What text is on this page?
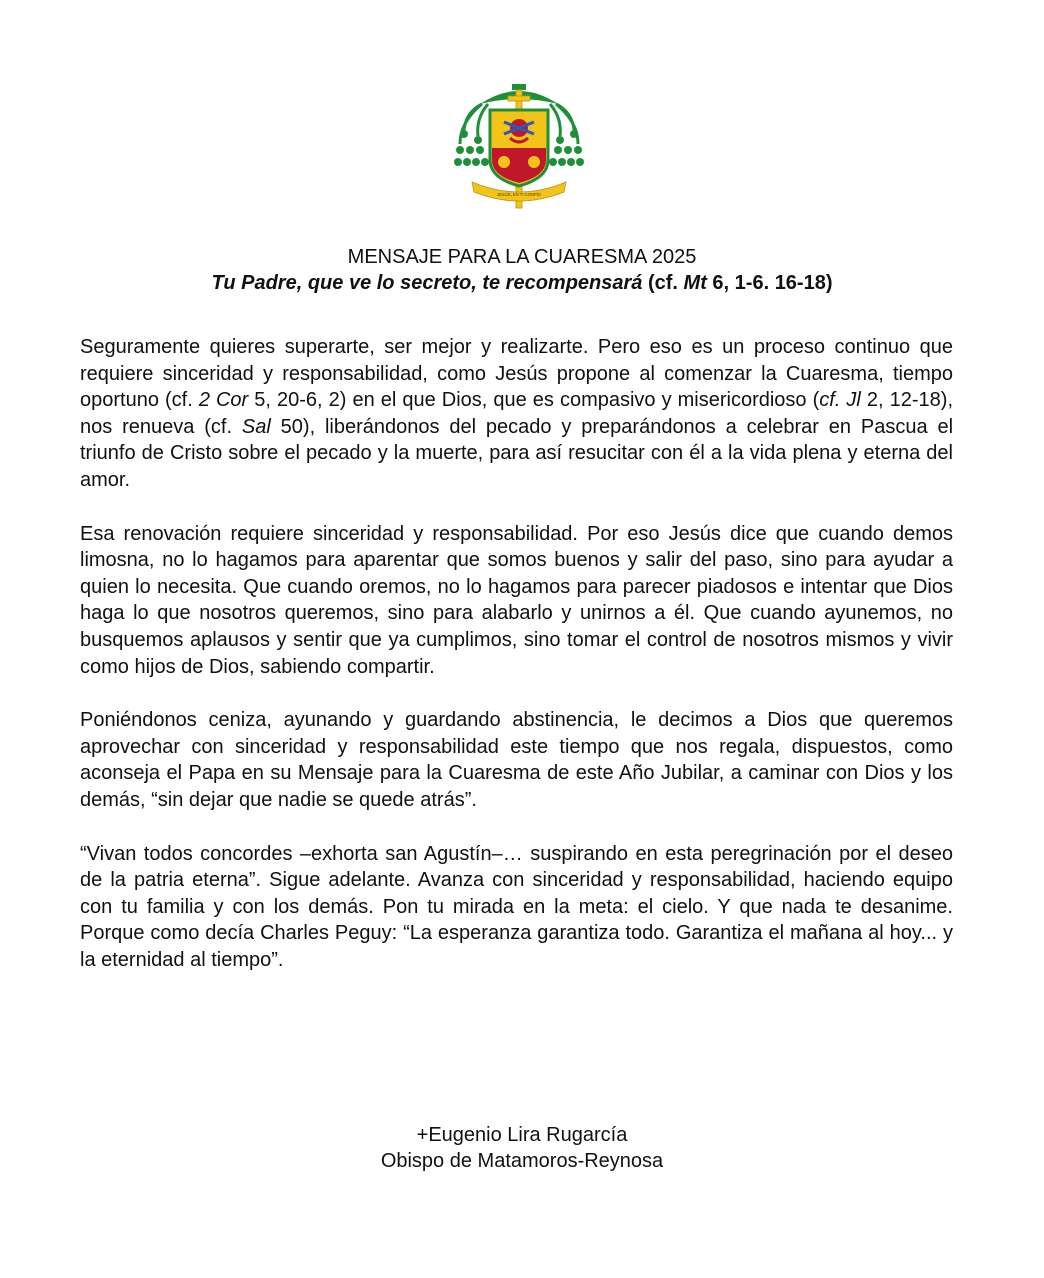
JESÚS, EN TI CONFÍO
MENSAJE PARA LA CUARESMA 2025
Tu Padre, que ve lo secreto, te recompensará (cf. Mt 6, 1-6. 16-18)

Seguramente quieres superarte, ser mejor y realizarte. Pero eso es un proceso continuo que requiere sinceridad y responsabilidad, como Jesús propone al comenzar la Cuaresma, tiempo oportuno (cf. 2 Cor 5, 20-6, 2) en el que Dios, que es compasivo y misericordioso (cf. Jl 2, 12-18), nos renueva (cf. Sal 50), liberándonos del pecado y preparándonos a celebrar en Pascua el triunfo de Cristo sobre el pecado y la muerte, para así resucitar con él a la vida plena y eterna del amor.

Esa renovación requiere sinceridad y responsabilidad. Por eso Jesús dice que cuando demos limosna, no lo hagamos para aparentar que somos buenos y salir del paso, sino para ayudar a quien lo necesita. Que cuando oremos, no lo hagamos para parecer piadosos e intentar que Dios haga lo que nosotros queremos, sino para alabarlo y unirnos a él. Que cuando ayunemos, no busquemos aplausos y sentir que ya cumplimos, sino tomar el control de nosotros mismos y vivir como hijos de Dios, sabiendo compartir.

Poniéndonos ceniza, ayunando y guardando abstinencia, le decimos a Dios que queremos aprovechar con sinceridad y responsabilidad este tiempo que nos regala, dispuestos, como aconseja el Papa en su Mensaje para la Cuaresma de este Año Jubilar, a caminar con Dios y los demás, “sin dejar que nadie se quede atrás”.

“Vivan todos concordes –exhorta san Agustín–… suspirando en esta peregrinación por el deseo de la patria eterna”. Sigue adelante. Avanza con sinceridad y responsabilidad, haciendo equipo con tu familia y con los demás. Pon tu mirada en la meta: el cielo. Y que nada te desanime. Porque como decía Charles Peguy: “La esperanza garantiza todo. Garantiza el mañana al hoy... y la eternidad al tiempo”.

+Eugenio Lira Rugarcía
Obispo de Matamoros-Reynosa
